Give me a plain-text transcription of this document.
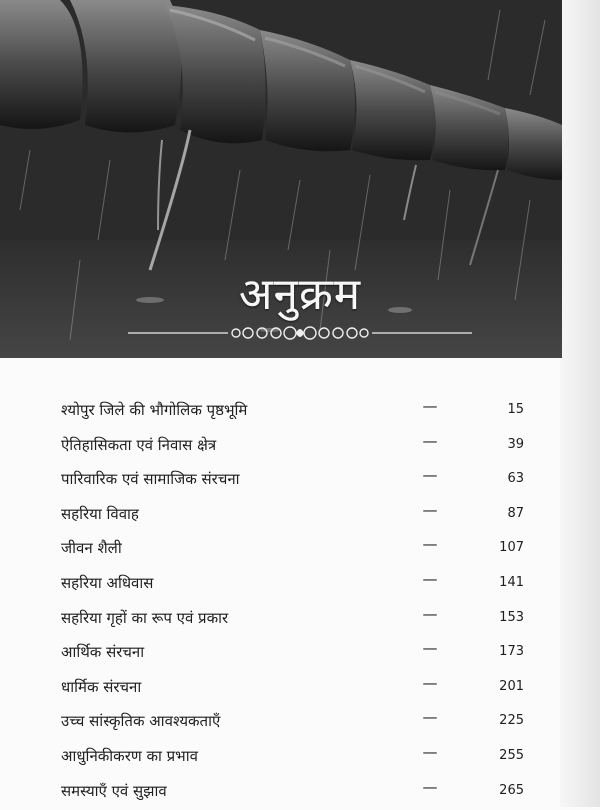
अनुक्रम
श्योपुर जिले की भौगोलिक पृष्ठभूमि	—	15
ऐतिहासिकता एवं निवास क्षेत्र	—	39
पारिवारिक एवं सामाजिक संरचना	—	63
सहरिया विवाह	—	87
जीवन शैली	—	107
सहरिया अधिवास	—	141
सहरिया गृहों का रूप एवं प्रकार	—	153
आर्थिक संरचना	—	173
धार्मिक संरचना	—	201
उच्च सांस्कृतिक आवश्यकताएँ	—	225
आधुनिकीकरण का प्रभाव	—	255
समस्याएँ एवं सुझाव	—	265
